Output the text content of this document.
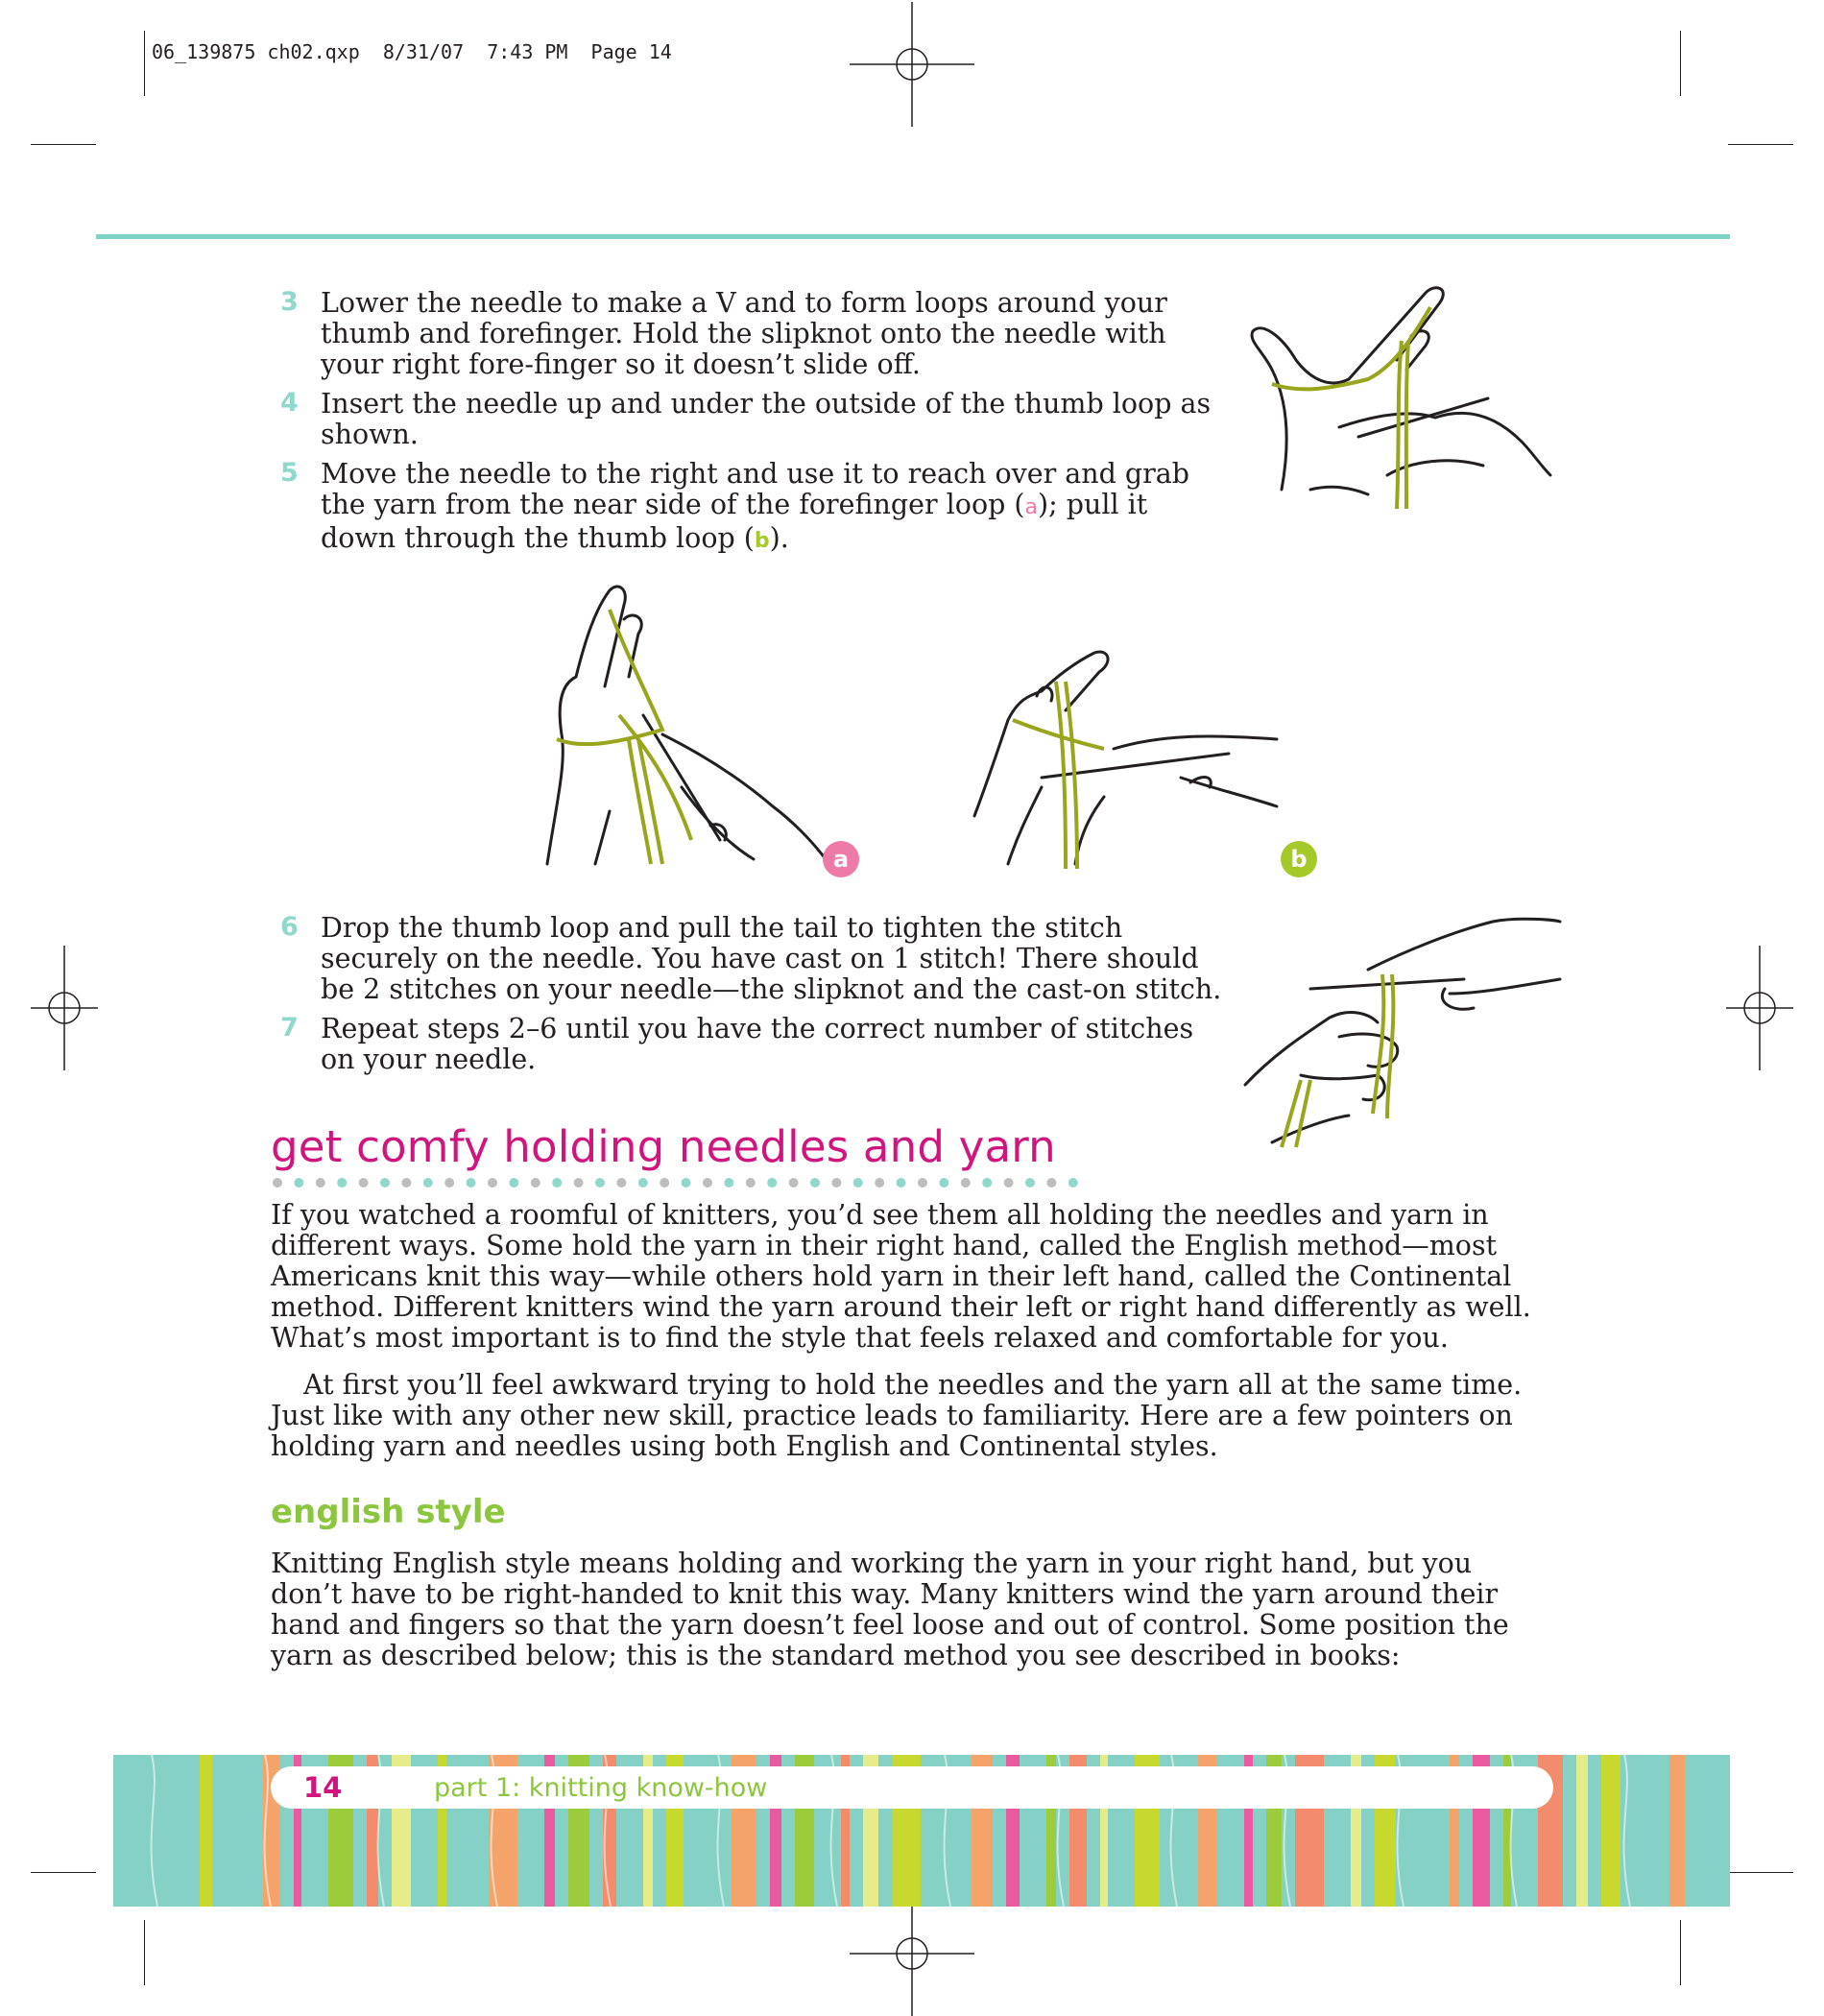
06_139875 ch02.qxp  8/31/07  7:43 PM  Page 14
3 Lower the needle to make a V and to form loops around your thumb and forefinger. Hold the slipknot onto the needle with your right fore-finger so it doesn’t slide off.
4 Insert the needle up and under the outside of the thumb loop as shown.
5 Move the needle to the right and use it to reach over and grab the yarn from the near side of the forefinger loop (a); pull it down through the thumb loop (b).
a	b
6 Drop the thumb loop and pull the tail to tighten the stitch securely on the needle. You have cast on 1 stitch! There should be 2 stitches on your needle—the slipknot and the cast-on stitch.
7 Repeat steps 2–6 until you have the correct number of stitches on your needle.
get comfy holding needles and yarn

If you watched a roomful of knitters, you’d see them all holding the needles and yarn in different ways. Some hold the yarn in their right hand, called the English method—most Americans knit this way—while others hold yarn in their left hand, called the Continental method. Different knitters wind the yarn around their left or right hand differently as well. What’s most important is to find the style that feels relaxed and comfortable for you.

At first you’ll feel awkward trying to hold the needles and the yarn all at the same time. Just like with any other new skill, practice leads to familiarity. Here are a few pointers on holding yarn and needles using both English and Continental styles.

english style

Knitting English style means holding and working the yarn in your right hand, but you don’t have to be right-handed to knit this way. Many knitters wind the yarn around their hand and fingers so that the yarn doesn’t feel loose and out of control. Some position the yarn as described below; this is the standard method you see described in books:

14	part 1: knitting know-how
